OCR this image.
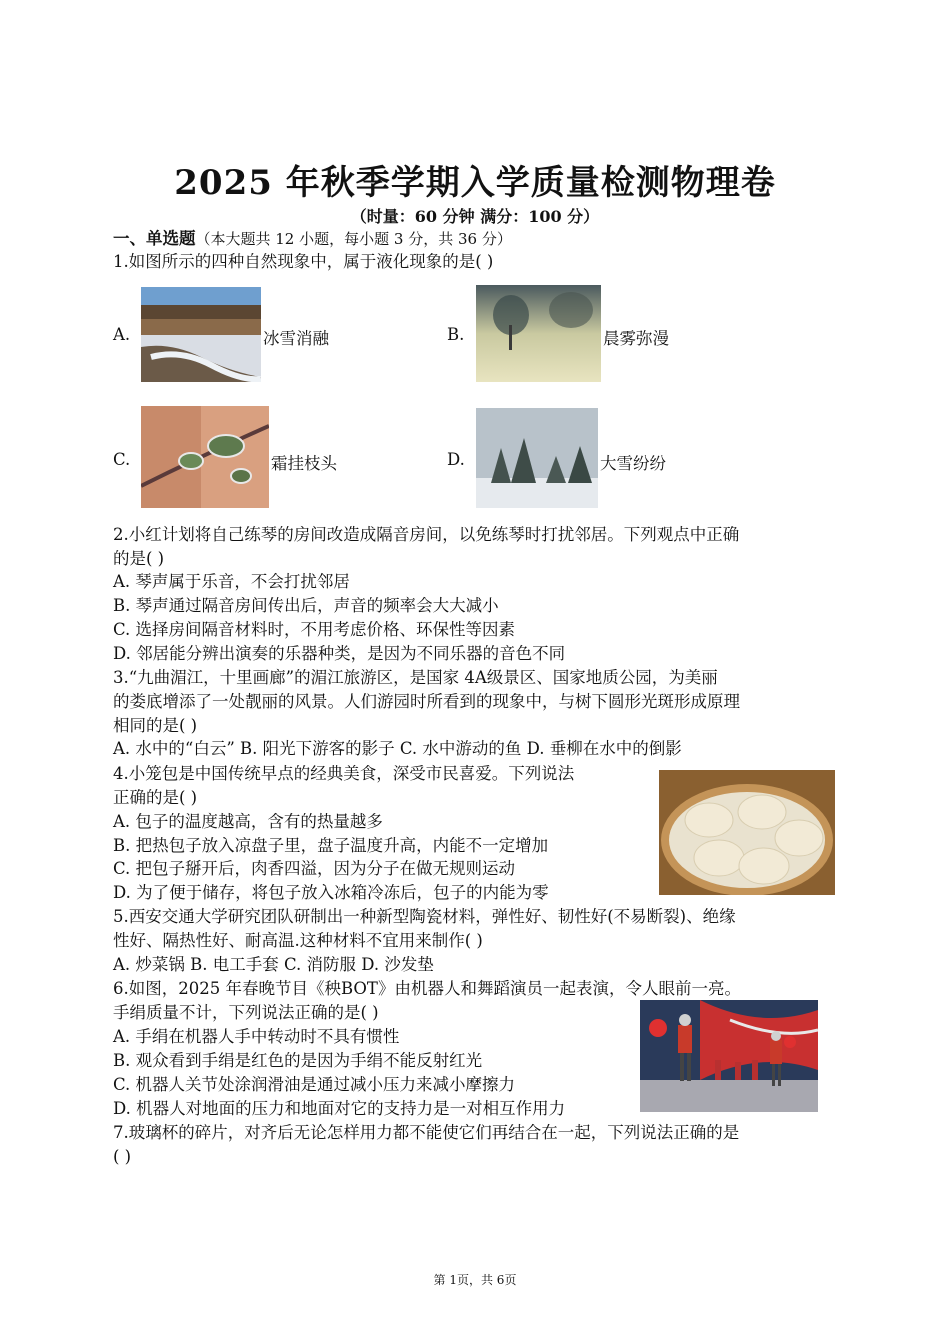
2025 年秋季学期入学质量检测物理卷
（时量：60 分钟 满分：100 分）
一、单选题（本大题共 12 小题，每小题 3 分，共 36 分）
1.如图所示的四种自然现象中，属于液化现象的是( )
A.	冰雪消融	B.	晨雾弥漫
C.	霜挂枝头	D.	大雪纷纷
2.小红计划将自己练琴的房间改造成隔音房间，以免练琴时打扰邻居。下列观点中正确
的是( )
A. 琴声属于乐音，不会打扰邻居
B. 琴声通过隔音房间传出后，声音的频率会大大减小
C. 选择房间隔音材料时，不用考虑价格、环保性等因素
D. 邻居能分辨出演奏的乐器种类，是因为不同乐器的音色不同
3.“九曲湄江，十里画廊”的湄江旅游区，是国家 4A级景区、国家地质公园，为美丽
的娄底增添了一处靓丽的风景。人们游园时所看到的现象中，与树下圆形光斑形成原理
相同的是( )
A. 水中的“白云” B. 阳光下游客的影子 C. 水中游动的鱼 D. 垂柳在水中的倒影
4.小笼包是中国传统早点的经典美食，深受市民喜爱。下列说法
正确的是( )
A. 包子的温度越高，含有的热量越多
B. 把热包子放入凉盘子里，盘子温度升高，内能不一定增加
C. 把包子掰开后，肉香四溢，因为分子在做无规则运动
D. 为了便于储存，将包子放入冰箱冷冻后，包子的内能为零
5.西安交通大学研究团队研制出一种新型陶瓷材料，弹性好、韧性好(不易断裂)、绝缘
性好、隔热性好、耐高温.这种材料不宜用来制作( )
A. 炒菜锅 B. 电工手套 C. 消防服 D. 沙发垫
6.如图，2025 年春晚节目《秧BOT》由机器人和舞蹈演员一起表演，令人眼前一亮。
手绢质量不计，下列说法正确的是( )
A. 手绢在机器人手中转动时不具有惯性
B. 观众看到手绢是红色的是因为手绢不能反射红光
C. 机器人关节处涂润滑油是通过减小压力来减小摩擦力
D. 机器人对地面的压力和地面对它的支持力是一对相互作用力
7.玻璃杯的碎片，对齐后无论怎样用力都不能使它们再结合在一起，下列说法正确的是
( )
第 1页，共 6页
